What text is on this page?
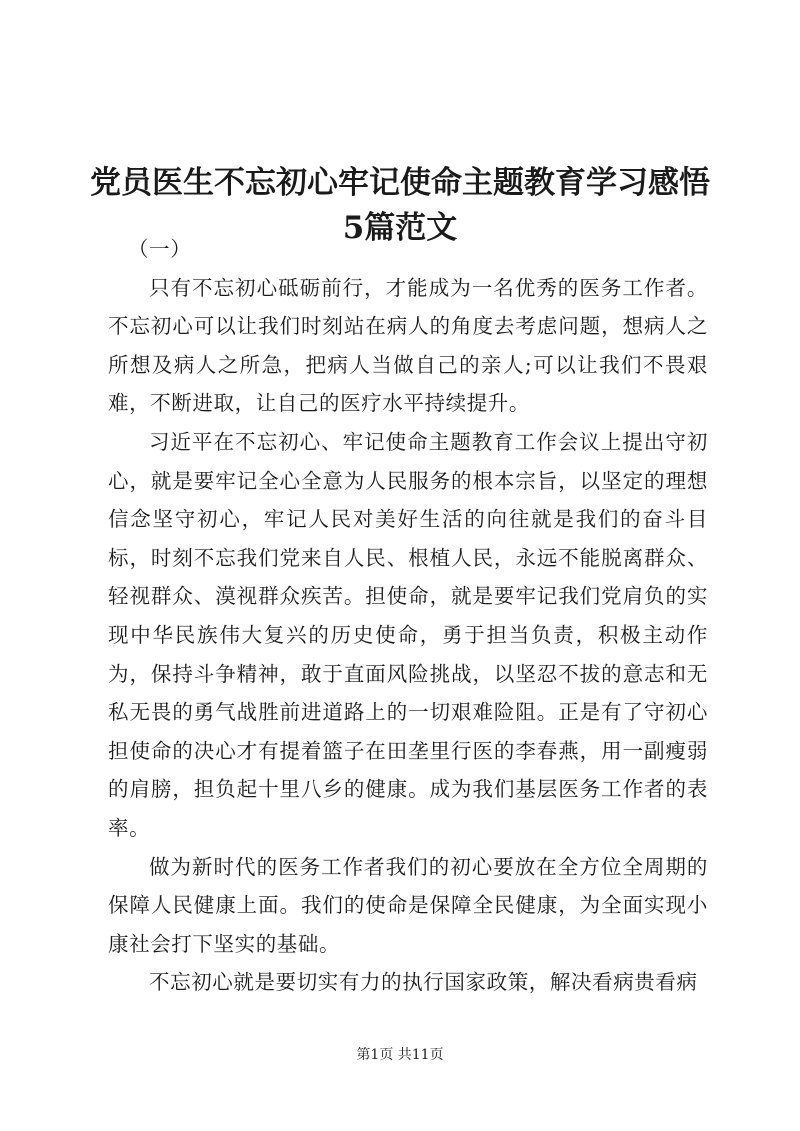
党员医生不忘初心牢记使命主题教育学习感悟
5篇范文

（一）

只有不忘初心砥砺前行，才能成为一名优秀的医务工作者。不忘初心可以让我们时刻站在病人的角度去考虑问题，想病人之所想及病人之所急，把病人当做自己的亲人;可以让我们不畏艰难，不断进取，让自己的医疗水平持续提升。

习近平在不忘初心、牢记使命主题教育工作会议上提出守初心，就是要牢记全心全意为人民服务的根本宗旨，以坚定的理想信念坚守初心，牢记人民对美好生活的向往就是我们的奋斗目标，时刻不忘我们党来自人民、根植人民，永远不能脱离群众、轻视群众、漠视群众疾苦。担使命，就是要牢记我们党肩负的实现中华民族伟大复兴的历史使命，勇于担当负责，积极主动作为，保持斗争精神，敢于直面风险挑战，以坚忍不拔的意志和无私无畏的勇气战胜前进道路上的一切艰难险阻。正是有了守初心担使命的决心才有提着篮子在田垄里行医的李春燕，用一副瘦弱的肩膀，担负起十里八乡的健康。成为我们基层医务工作者的表率。

做为新时代的医务工作者我们的初心要放在全方位全周期的保障人民健康上面。我们的使命是保障全民健康，为全面实现小康社会打下坚实的基础。

不忘初心就是要切实有力的执行国家政策，解决看病贵看病

第1页 共11页
